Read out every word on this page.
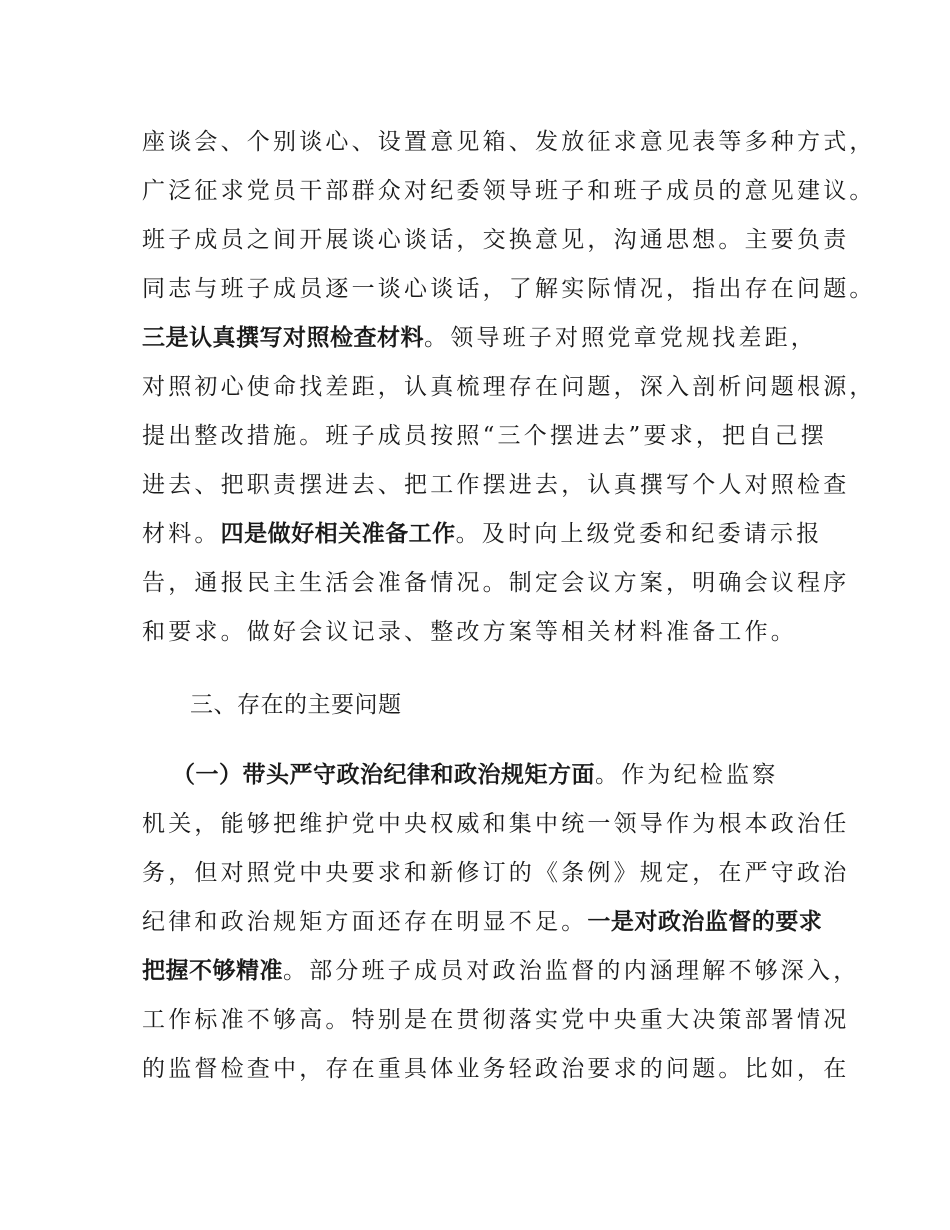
座谈会、个别谈心、设置意见箱、发放征求意见表等多种方式，
广泛征求党员干部群众对纪委领导班子和班子成员的意见建议。
班子成员之间开展谈心谈话，交换意见，沟通思想。主要负责
同志与班子成员逐一谈心谈话，了解实际情况，指出存在问题。
三是认真撰写对照检查材料。领导班子对照党章党规找差距，
对照初心使命找差距，认真梳理存在问题，深入剖析问题根源，
提出整改措施。班子成员按照“三个摆进去”要求，把自己摆
进去、把职责摆进去、把工作摆进去，认真撰写个人对照检查
材料。四是做好相关准备工作。及时向上级党委和纪委请示报
告，通报民主生活会准备情况。制定会议方案，明确会议程序
和要求。做好会议记录、整改方案等相关材料准备工作。
三、存在的主要问题
（一）带头严守政治纪律和政治规矩方面。作为纪检监察
机关，能够把维护党中央权威和集中统一领导作为根本政治任
务，但对照党中央要求和新修订的《条例》规定，在严守政治
纪律和政治规矩方面还存在明显不足。一是对政治监督的要求
把握不够精准。部分班子成员对政治监督的内涵理解不够深入，
工作标准不够高。特别是在贯彻落实党中央重大决策部署情况
的监督检查中，存在重具体业务轻政治要求的问题。比如，在
